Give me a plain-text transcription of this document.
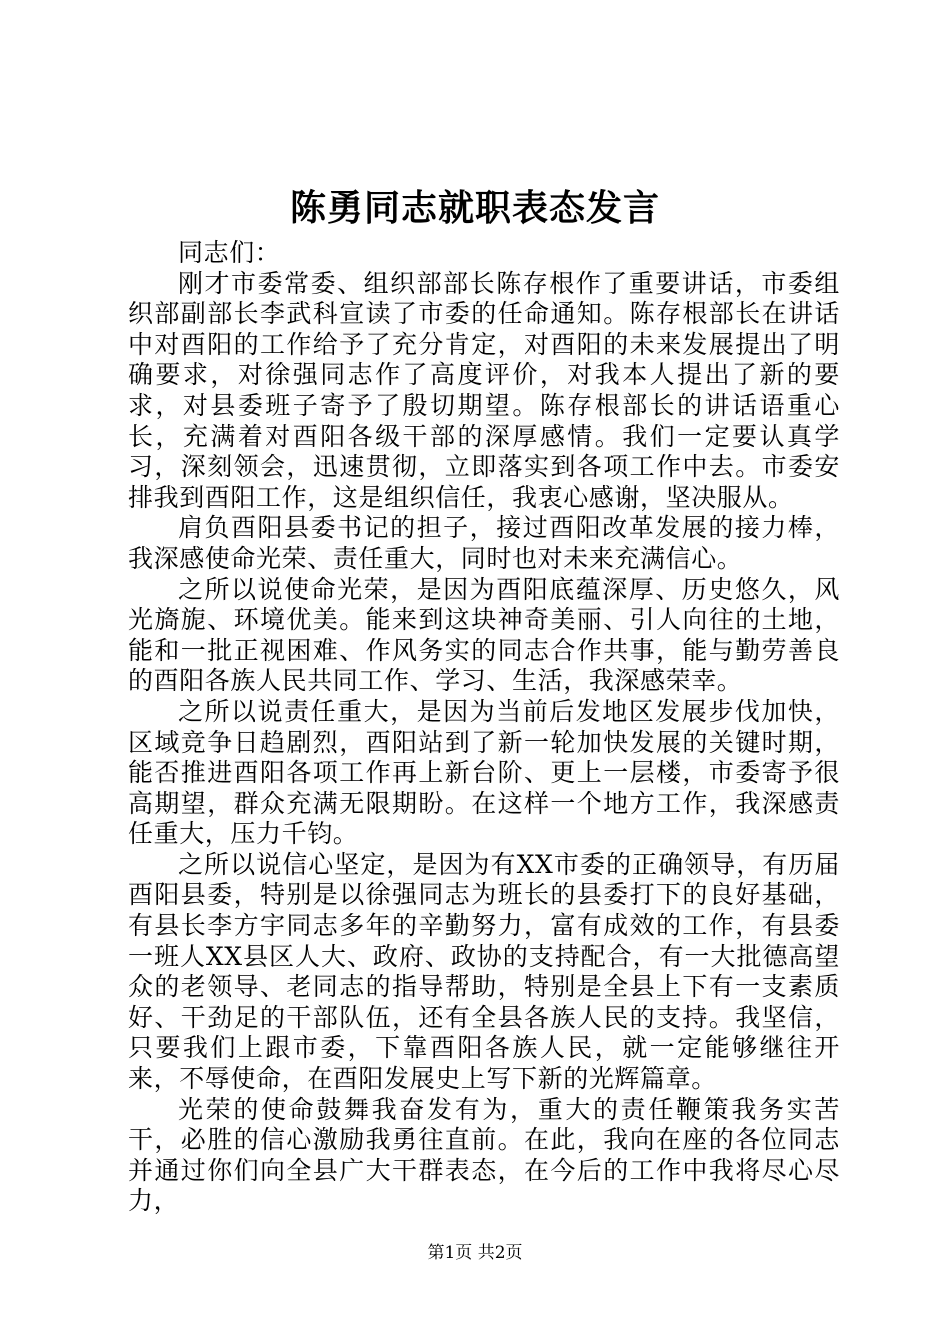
陈勇同志就职表态发言

同志们：

刚才市委常委、组织部部长陈存根作了重要讲话，市委组织部副部长李武科宣读了市委的任命通知。陈存根部长在讲话中对酉阳的工作给予了充分肯定，对酉阳的未来发展提出了明确要求，对徐强同志作了高度评价，对我本人提出了新的要求，对县委班子寄予了殷切期望。陈存根部长的讲话语重心长，充满着对酉阳各级干部的深厚感情。我们一定要认真学习，深刻领会，迅速贯彻，立即落实到各项工作中去。市委安排我到酉阳工作，这是组织信任，我衷心感谢，坚决服从。

肩负酉阳县委书记的担子，接过酉阳改革发展的接力棒，我深感使命光荣、责任重大，同时也对未来充满信心。

之所以说使命光荣，是因为酉阳底蕴深厚、历史悠久，风光旖旎、环境优美。能来到这块神奇美丽、引人向往的土地，能和一批正视困难、作风务实的同志合作共事，能与勤劳善良的酉阳各族人民共同工作、学习、生活，我深感荣幸。

之所以说责任重大，是因为当前后发地区发展步伐加快，区域竞争日趋剧烈，酉阳站到了新一轮加快发展的关键时期，能否推进酉阳各项工作再上新台阶、更上一层楼，市委寄予很高期望，群众充满无限期盼。在这样一个地方工作，我深感责任重大，压力千钧。

之所以说信心坚定，是因为有XX市委的正确领导，有历届酉阳县委，特别是以徐强同志为班长的县委打下的良好基础，有县长李方宇同志多年的辛勤努力，富有成效的工作，有县委一班人XX县区人大、政府、政协的支持配合，有一大批德高望众的老领导、老同志的指导帮助，特别是全县上下有一支素质好、干劲足的干部队伍，还有全县各族人民的支持。我坚信，只要我们上跟市委，下靠酉阳各族人民，就一定能够继往开来，不辱使命，在酉阳发展史上写下新的光辉篇章。

光荣的使命鼓舞我奋发有为，重大的责任鞭策我务实苦干，必胜的信心激励我勇往直前。在此，我向在座的各位同志并通过你们向全县广大干群表态，在今后的工作中我将尽心尽力，

第1页 共2页
